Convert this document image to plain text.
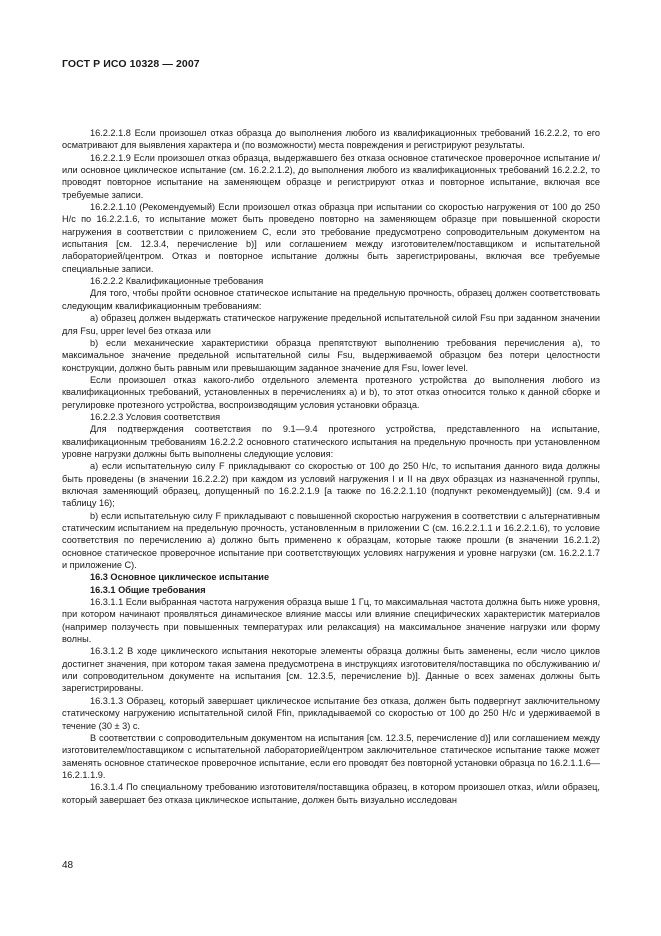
ГОСТ Р ИСО 10328 — 2007

16.2.2.1.8 Если произошел отказ образца до выполнения любого из квалификационных требований 16.2.2.2, то его осматривают для выявления характера и (по возможности) места повреждения и регистрируют результаты.

16.2.2.1.9 Если произошел отказ образца, выдержавшего без отказа основное статическое проверочное испытание и/или основное циклическое испытание (см. 16.2.2.1.2), до выполнения любого из квалификационных требований 16.2.2.2, то проводят повторное испытание на заменяющем образце и регистрируют отказ и повторное испытание, включая все требуемые записи.

16.2.2.1.10 (Рекомендуемый) Если произошел отказ образца при испытании со скоростью нагружения от 100 до 250 Н/с по 16.2.2.1.6, то испытание может быть проведено повторно на заменяющем образце при повышенной скорости нагружения в соответствии с приложением С, если это требование предусмотрено сопроводительным документом на испытания [см. 12.3.4, перечисление b)] или соглашением между изготовителем/поставщиком и испытательной лабораторией/центром. Отказ и повторное испытание должны быть зарегистрированы, включая все требуемые специальные записи.

16.2.2.2 Квалификационные требования

Для того, чтобы пройти основное статическое испытание на предельную прочность, образец должен соответствовать следующим квалификационным требованиям:

a) образец должен выдержать статическое нагружение предельной испытательной силой Fsu при заданном значении для Fsu, upper level без отказа или

b) если механические характеристики образца препятствуют выполнению требования перечисления а), то максимальное значение предельной испытательной силы Fsu, выдерживаемой образцом без потери целостности конструкции, должно быть равным или превышающим заданное значение для Fsu, lower level.

Если произошел отказ какого-либо отдельного элемента протезного устройства до выполнения любого из квалификационных требований, установленных в перечислениях а) и b), то этот отказ относится только к данной сборке и регулировке протезного устройства, воспроизводящим условия установки образца.

16.2.2.3 Условия соответствия

Для подтверждения соответствия по 9.1—9.4 протезного устройства, представленного на испытание, квалификационным требованиям 16.2.2.2 основного статического испытания на предельную прочность при установленном уровне нагрузки должны быть выполнены следующие условия:

a) если испытательную силу F прикладывают со скоростью от 100 до 250 Н/с, то испытания данного вида должны быть проведены (в значении 16.2.2.2) при каждом из условий нагружения I и II на двух образцах из назначенной группы, включая заменяющий образец, допущенный по 16.2.2.1.9 [а также по 16.2.2.1.10 (подпункт рекомендуемый)] (см. 9.4 и таблицу 16);

b) если испытательную силу F прикладывают с повышенной скоростью нагружения в соответствии с альтернативным статическим испытанием на предельную прочность, установленным в приложении С (см. 16.2.2.1.1 и 16.2.2.1.6), то условие соответствия по перечислению а) должно быть применено к образцам, которые также прошли (в значении 16.2.1.2) основное статическое проверочное испытание при соответствующих условиях нагружения и уровне нагрузки (см. 16.2.2.1.7 и приложение С).

16.3 Основное циклическое испытание

16.3.1 Общие требования

16.3.1.1 Если выбранная частота нагружения образца выше 1 Гц, то максимальная частота должна быть ниже уровня, при котором начинают проявляться динамическое влияние массы или влияние специфических характеристик материалов (например ползучесть при повышенных температурах или релаксация) на максимальное значение нагрузки или форму волны.

16.3.1.2 В ходе циклического испытания некоторые элементы образца должны быть заменены, если число циклов достигнет значения, при котором такая замена предусмотрена в инструкциях изготовителя/поставщика по обслуживанию и/или сопроводительном документе на испытания [см. 12.3.5, перечисление b)]. Данные о всех заменах должны быть зарегистрированы.

16.3.1.3 Образец, который завершает циклическое испытание без отказа, должен быть подвергнут заключительному статическому нагружению испытательной силой Ffin, прикладываемой со скоростью от 100 до 250 Н/с и удерживаемой в течение (30 ± 3) с.

В соответствии с сопроводительным документом на испытания [см. 12.3.5, перечисление d)] или соглашением между изготовителем/поставщиком с испытательной лабораторией/центром заключительное статическое испытание также может заменять основное статическое проверочное испытание, если его проводят без повторной установки образца по 16.2.1.1.6—16.2.1.1.9.

16.3.1.4 По специальному требованию изготовителя/поставщика образец, в котором произошел отказ, и/или образец, который завершает без отказа циклическое испытание, должен быть визуально исследован

48
